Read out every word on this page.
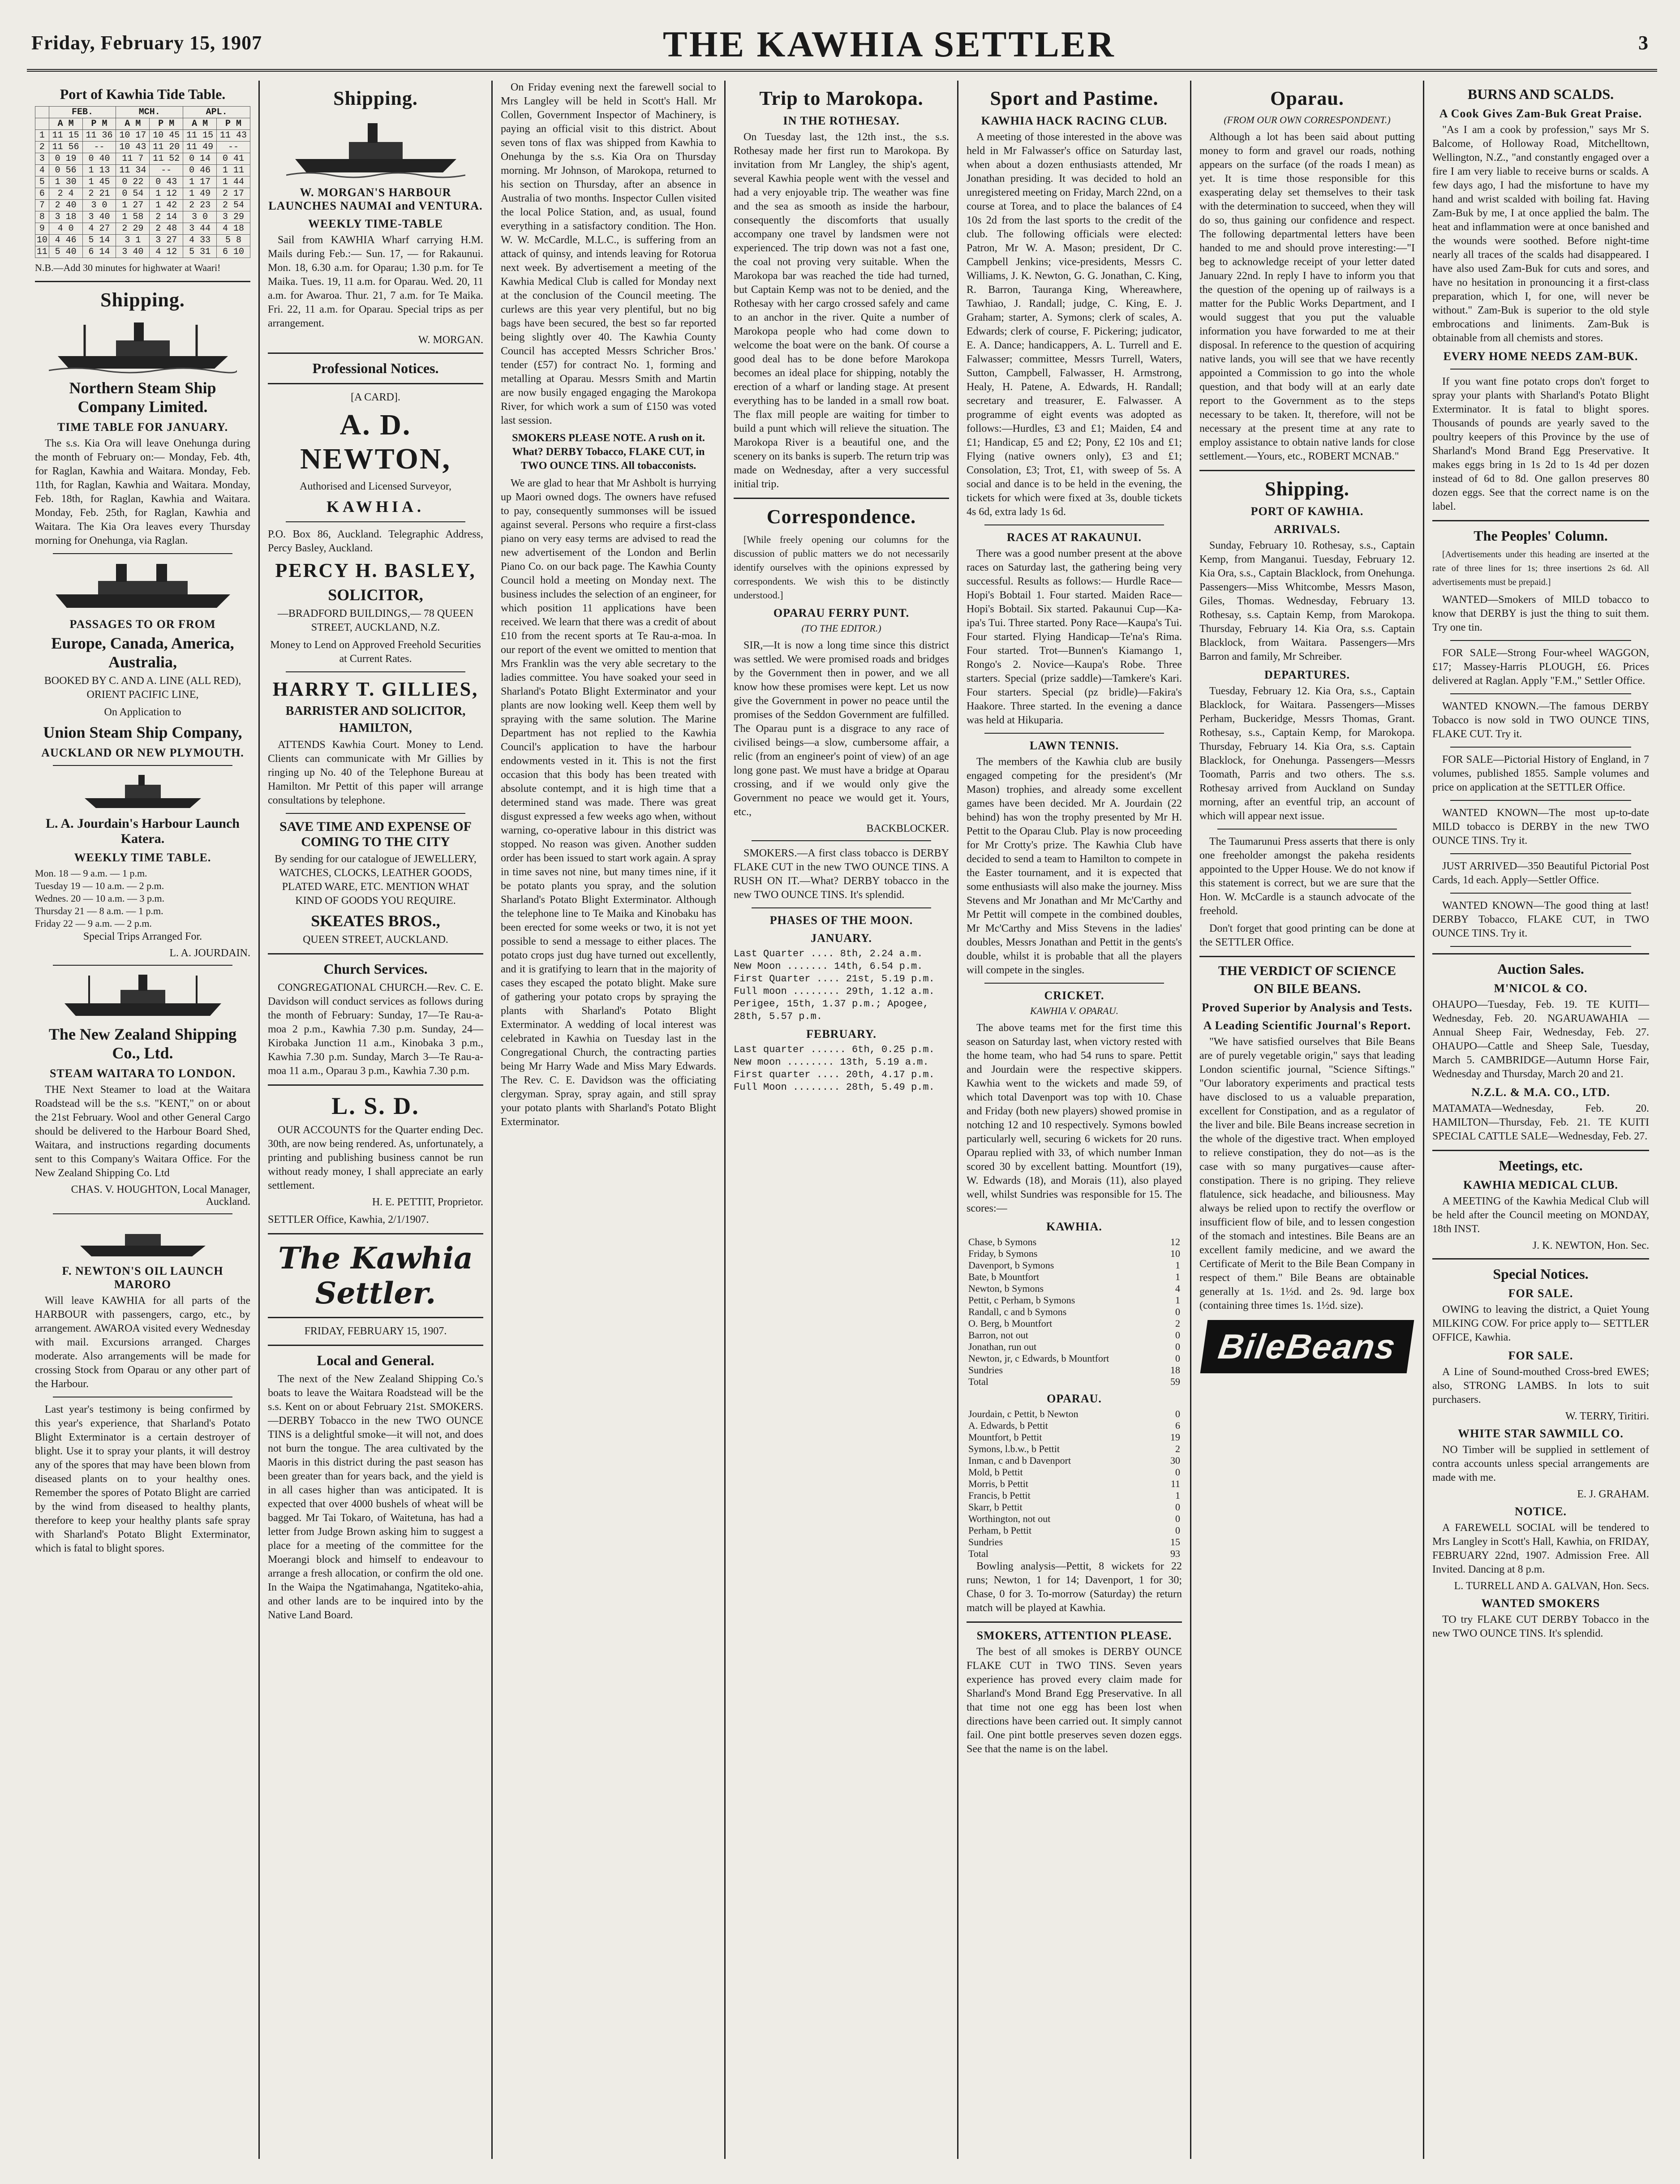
Friday, February 15, 1907	THE KAWHIA SETTLER	3
Port of Kawhia Tide Table.
	FEB.		MCH.		APL.	
	A M	P M	A M	P M	A M	P M
1	11 15	11 36	10 17	10 45	11 15	11 43
2	11 56	--	10 43	11 20	11 49	--
3	0 19	0 40	11 7	11 52	0 14	0 41
4	0 56	1 13	11 34	--	0 46	1 11
5	1 30	1 45	0 22	0 43	1 17	1 44
6	2 4	2 21	0 54	1 12	1 49	2 17
7	2 40	3 0	1 27	1 42	2 23	2 54
8	3 18	3 40	1 58	2 14	3 0	3 29
9	4 0	4 27	2 29	2 48	3 44	4 18
10	4 46	5 14	3 1	3 27	4 33	5 8
11	5 40	6 14	3 40	4 12	5 31	6 10

N.B.—Add 30 minutes for highwater at Waari!

Shipping.
Northern Steam Ship Company Limited.
TIME TABLE FOR JANUARY.

The s.s. Kia Ora will leave Onehunga during the month of February on:— Monday, Feb. 4th, for Raglan, Kawhia and Waitara. Monday, Feb. 11th, for Raglan, Kawhia and Waitara. Monday, Feb. 18th, for Raglan, Kawhia and Waitara. Monday, Feb. 25th, for Raglan, Kawhia and Waitara. The Kia Ora leaves every Thursday morning for Onehunga, via Raglan.

PASSAGES TO OR FROM
Europe, Canada, America, Australia,

BOOKED BY C. AND A. LINE (ALL RED), ORIENT PACIFIC LINE,

On Application to

Union Steam Ship Company,
AUCKLAND OR NEW PLYMOUTH.
L. A. Jourdain's Harbour Launch Katera.
WEEKLY TIME TABLE.
Mon. 18 — 9 a.m. — 1 p.m.
Tuesday 19 — 10 a.m. — 2 p.m.
Wednes. 20 — 10 a.m. — 3 p.m.
Thursday 21 — 8 a.m. — 1 p.m.
Friday 22 — 9 a.m. — 2 p.m.

Special Trips Arranged For.

L. A. JOURDAIN.
The New Zealand Shipping Co., Ltd.
STEAM WAITARA TO LONDON.

THE Next Steamer to load at the Waitara Roadstead will be the s.s. "KENT," on or about the 21st February. Wool and other General Cargo should be delivered to the Harbour Board Shed, Waitara, and instructions regarding documents sent to this Company's Waitara Office. For the New Zealand Shipping Co. Ltd

CHAS. V. HOUGHTON, Local Manager, Auckland.
F. NEWTON'S OIL LAUNCH MARORO

Will leave KAWHIA for all parts of the HARBOUR with passengers, cargo, etc., by arrangement. AWAROA visited every Wednesday with mail. Excursions arranged. Charges moderate. Also arrangements will be made for crossing Stock from Oparau or any other part of the Harbour.

Last year's testimony is being confirmed by this year's experience, that Sharland's Potato Blight Exterminator is a certain destroyer of blight. Use it to spray your plants, it will destroy any of the spores that may have been blown from diseased plants on to your healthy ones. Remember the spores of Potato Blight are carried by the wind from diseased to healthy plants, therefore to keep your healthy plants safe spray with Sharland's Potato Blight Exterminator, which is fatal to blight spores.

Shipping.
W. MORGAN'S HARBOUR LAUNCHES NAUMAI and VENTURA.
WEEKLY TIME-TABLE

Sail from KAWHIA Wharf carrying H.M. Mails during Feb.:— Sun. 17, — for Rakaunui. Mon. 18, 6.30 a.m. for Oparau; 1.30 p.m. for Te Maika. Tues. 19, 11 a.m. for Oparau. Wed. 20, 11 a.m. for Awaroa. Thur. 21, 7 a.m. for Te Maika. Fri. 22, 11 a.m. for Oparau. Special trips as per arrangement.

W. MORGAN.
Professional Notices.

[A CARD].

A. D. NEWTON,

Authorised and Licensed Surveyor,

KAWHIA.

P.O. Box 86, Auckland. Telegraphic Address, Percy Basley, Auckland.

PERCY H. BASLEY,
SOLICITOR,

—BRADFORD BUILDINGS,— 78 QUEEN STREET, AUCKLAND, N.Z.

Money to Lend on Approved Freehold Securities at Current Rates.

HARRY T. GILLIES,
BARRISTER AND SOLICITOR,
HAMILTON,

ATTENDS Kawhia Court. Money to Lend. Clients can communicate with Mr Gillies by ringing up No. 40 of the Telephone Bureau at Hamilton. Mr Pettit of this paper will arrange consultations by telephone.

SAVE TIME AND EXPENSE OF COMING TO THE CITY

By sending for our catalogue of JEWELLERY, WATCHES, CLOCKS, LEATHER GOODS, PLATED WARE, ETC. MENTION WHAT KIND OF GOODS YOU REQUIRE.

SKEATES BROS.,

QUEEN STREET, AUCKLAND.

Church Services.

CONGREGATIONAL CHURCH.—Rev. C. E. Davidson will conduct services as follows during the month of February: Sunday, 17—Te Rau-a-moa 2 p.m., Kawhia 7.30 p.m. Sunday, 24—Kirobaka Junction 11 a.m., Kinobaka 3 p.m., Kawhia 7.30 p.m. Sunday, March 3—Te Rau-a-moa 11 a.m., Oparau 3 p.m., Kawhia 7.30 p.m.

L. S. D.

OUR ACCOUNTS for the Quarter ending Dec. 30th, are now being rendered. As, unfortunately, a printing and publishing business cannot be run without ready money, I shall appreciate an early settlement.

H. E. PETTIT, Proprietor.

SETTLER Office, Kawhia, 2/1/1907.

The Kawhia Settler.

FRIDAY, FEBRUARY 15, 1907.

Local and General.

The next of the New Zealand Shipping Co.'s boats to leave the Waitara Roadstead will be the s.s. Kent on or about February 21st. SMOKERS.—DERBY Tobacco in the new TWO OUNCE TINS is a delightful smoke—it will not, and does not burn the tongue. The area cultivated by the Maoris in this district during the past season has been greater than for years back, and the yield is in all cases higher than was anticipated. It is expected that over 4000 bushels of wheat will be bagged. Mr Tai Tokaro, of Waitetuna, has had a letter from Judge Brown asking him to suggest a place for a meeting of the committee for the Moerangi block and himself to endeavour to arrange a fresh allocation, or confirm the old one. In the Waipa the Ngatimahanga, Ngatiteko-ahia, and other lands are to be inquired into by the Native Land Board.

On Friday evening next the farewell social to Mrs Langley will be held in Scott's Hall. Mr Collen, Government Inspector of Machinery, is paying an official visit to this district. About seven tons of flax was shipped from Kawhia to Onehunga by the s.s. Kia Ora on Thursday morning. Mr Johnson, of Marokopa, returned to his section on Thursday, after an absence in Australia of two months. Inspector Cullen visited the local Police Station, and, as usual, found everything in a satisfactory condition. The Hon. W. W. McCardle, M.L.C., is suffering from an attack of quinsy, and intends leaving for Rotorua next week. By advertisement a meeting of the Kawhia Medical Club is called for Monday next at the conclusion of the Council meeting. The curlews are this year very plentiful, but no big bags have been secured, the best so far reported being slightly over 40. The Kawhia County Council has accepted Messrs Schricher Bros.' tender (£57) for contract No. 1, forming and metalling at Oparau. Messrs Smith and Martin are now busily engaged engaging the Marokopa River, for which work a sum of £150 was voted last session.

SMOKERS PLEASE NOTE. A rush on it. What? DERBY Tobacco, FLAKE CUT, in TWO OUNCE TINS. All tobacconists.

We are glad to hear that Mr Ashbolt is hurrying up Maori owned dogs. The owners have refused to pay, consequently summonses will be issued against several. Persons who require a first-class piano on very easy terms are advised to read the new advertisement of the London and Berlin Piano Co. on our back page. The Kawhia County Council hold a meeting on Monday next. The business includes the selection of an engineer, for which position 11 applications have been received. We learn that there was a credit of about £10 from the recent sports at Te Rau-a-moa. In our report of the event we omitted to mention that Mrs Franklin was the very able secretary to the ladies committee. You have soaked your seed in Sharland's Potato Blight Exterminator and your plants are now looking well. Keep them well by spraying with the same solution. The Marine Department has not replied to the Kawhia Council's application to have the harbour endowments vested in it. This is not the first occasion that this body has been treated with absolute contempt, and it is high time that a determined stand was made. There was great disgust expressed a few weeks ago when, without warning, co-operative labour in this district was stopped. No reason was given. Another sudden order has been issued to start work again. A spray in time saves not nine, but many times nine, if it be potato plants you spray, and the solution Sharland's Potato Blight Exterminator. Although the telephone line to Te Maika and Kinobaku has been erected for some weeks or two, it is not yet possible to send a message to either places. The potato crops just dug have turned out excellently, and it is gratifying to learn that in the majority of cases they escaped the potato blight. Make sure of gathering your potato crops by spraying the plants with Sharland's Potato Blight Exterminator. A wedding of local interest was celebrated in Kawhia on Tuesday last in the Congregational Church, the contracting parties being Mr Harry Wade and Miss Mary Edwards. The Rev. C. E. Davidson was the officiating clergyman. Spray, spray again, and still spray your potato plants with Sharland's Potato Blight Exterminator.

Trip to Marokopa.
IN THE ROTHESAY.

On Tuesday last, the 12th inst., the s.s. Rothesay made her first run to Marokopa. By invitation from Mr Langley, the ship's agent, several Kawhia people went with the vessel and had a very enjoyable trip. The weather was fine and the sea as smooth as inside the harbour, consequently the discomforts that usually accompany one travel by landsmen were not experienced. The trip down was not a fast one, the coal not proving very suitable. When the Marokopa bar was reached the tide had turned, but Captain Kemp was not to be denied, and the Rothesay with her cargo crossed safely and came to an anchor in the river. Quite a number of Marokopa people who had come down to welcome the boat were on the bank. Of course a good deal has to be done before Marokopa becomes an ideal place for shipping, notably the erection of a wharf or landing stage. At present everything has to be landed in a small row boat. The flax mill people are waiting for timber to build a punt which will relieve the situation. The Marokopa River is a beautiful one, and the scenery on its banks is superb. The return trip was made on Wednesday, after a very successful initial trip.

Correspondence.

[While freely opening our columns for the discussion of public matters we do not necessarily identify ourselves with the opinions expressed by correspondents. We wish this to be distinctly understood.]

OPARAU FERRY PUNT.
(TO THE EDITOR.)

SIR,—It is now a long time since this district was settled. We were promised roads and bridges by the Government then in power, and we all know how these promises were kept. Let us now give the Government in power no peace until the promises of the Seddon Government are fulfilled. The Oparau punt is a disgrace to any race of civilised beings—a slow, cumbersome affair, a relic (from an engineer's point of view) of an age long gone past. We must have a bridge at Oparau crossing, and if we would only give the Government no peace we would get it. Yours, etc.,

BACKBLOCKER.

SMOKERS.—A first class tobacco is DERBY FLAKE CUT in the new TWO OUNCE TINS. A RUSH ON IT.—What? DERBY tobacco in the new TWO OUNCE TINS. It's splendid.

PHASES OF THE MOON.
JANUARY.
Last Quarter .... 8th, 2.24 a.m.
New Moon ....... 14th, 6.54 p.m.
First Quarter .... 21st, 5.19 p.m.
Full moon ........ 29th, 1.12 a.m.
Perigee, 15th, 1.37 p.m.; Apogee, 28th, 5.57 p.m.
FEBRUARY.
Last quarter ...... 6th, 0.25 p.m.
New moon ........ 13th, 5.19 a.m.
First quarter .... 20th, 4.17 p.m.
Full Moon ........ 28th, 5.49 p.m.
Sport and Pastime.
KAWHIA HACK RACING CLUB.

A meeting of those interested in the above was held in Mr Falwasser's office on Saturday last, when about a dozen enthusiasts attended, Mr Jonathan presiding. It was decided to hold an unregistered meeting on Friday, March 22nd, on a course at Torea, and to place the balances of £4 10s 2d from the last sports to the credit of the club. The following officials were elected: Patron, Mr W. A. Mason; president, Dr C. Campbell Jenkins; vice-presidents, Messrs C. Williams, J. K. Newton, G. G. Jonathan, C. King, R. Barron, Tauranga King, Whereawhere, Tawhiao, J. Randall; judge, C. King, E. J. Graham; starter, A. Symons; clerk of scales, A. Edwards; clerk of course, F. Pickering; judicator, E. A. Dance; handicappers, A. L. Turrell and E. Falwasser; committee, Messrs Turrell, Waters, Sutton, Campbell, Falwasser, H. Armstrong, Healy, H. Patene, A. Edwards, H. Randall; secretary and treasurer, E. Falwasser. A programme of eight events was adopted as follows:—Hurdles, £3 and £1; Maiden, £4 and £1; Handicap, £5 and £2; Pony, £2 10s and £1; Flying (native owners only), £3 and £1; Consolation, £3; Trot, £1, with sweep of 5s. A social and dance is to be held in the evening, the tickets for which were fixed at 3s, double tickets 4s 6d, extra lady 1s 6d.

RACES AT RAKAUNUI.

There was a good number present at the above races on Saturday last, the gathering being very successful. Results as follows:— Hurdle Race—Hopi's Bobtail 1. Four started. Maiden Race—Hopi's Bobtail. Six started. Pakaunui Cup—Ka-ipa's Tui. Three started. Pony Race—Kaupa's Tui. Four started. Flying Handicap—Te'na's Rima. Four started. Trot—Bunnen's Kiamango 1, Rongo's 2. Novice—Kaupa's Robe. Three starters. Special (prize saddle)—Tamkere's Kari. Four starters. Special (pz bridle)—Fakira's Haakore. Three started. In the evening a dance was held at Hikuparia.

LAWN TENNIS.

The members of the Kawhia club are busily engaged competing for the president's (Mr Mason) trophies, and already some excellent games have been decided. Mr A. Jourdain (22 behind) has won the trophy presented by Mr H. Pettit to the Oparau Club. Play is now proceeding for Mr Crotty's prize. The Kawhia Club have decided to send a team to Hamilton to compete in the Easter tournament, and it is expected that some enthusiasts will also make the journey. Miss Stevens and Mr Jonathan and Mr Mc'Carthy and Mr Pettit will compete in the combined doubles, Mr Mc'Carthy and Miss Stevens in the ladies' doubles, Messrs Jonathan and Pettit in the gents's double, whilst it is probable that all the players will compete in the singles.

CRICKET.
KAWHIA V. OPARAU.

The above teams met for the first time this season on Saturday last, when victory rested with the home team, who had 54 runs to spare. Pettit and Jourdain were the respective skippers. Kawhia went to the wickets and made 59, of which total Davenport was top with 10. Chase and Friday (both new players) showed promise in notching 12 and 10 respectively. Symons bowled particularly well, securing 6 wickets for 20 runs. Oparau replied with 33, of which number Inman scored 30 by excellent batting. Mountfort (19), W. Edwards (18), and Morais (11), also played well, whilst Sundries was responsible for 15. The scores:—

KAWHIA.
Chase, b Symons	12
Friday, b Symons	10
Davenport, b Symons	1
Bate, b Mountfort	1
Newton, b Symons	4
Pettit, c Perham, b Symons	1
Randall, c and b Symons	0
O. Berg, b Mountfort	2
Barron, not out	0
Jonathan, run out	0
Newton, jr, c Edwards, b Mountfort	0
Sundries	18
Total	59
OPARAU.
Jourdain, c Pettit, b Newton	0
A. Edwards, b Pettit	6
Mountfort, b Pettit	19
Symons, l.b.w., b Pettit	2
Inman, c and b Davenport	30
Mold, b Pettit	0
Morris, b Pettit	11
Francis, b Pettit	1
Skarr, b Pettit	0
Worthington, not out	0
Perham, b Pettit	0
Sundries	15
Total	93

Bowling analysis—Pettit, 8 wickets for 22 runs; Newton, 1 for 14; Davenport, 1 for 30; Chase, 0 for 3. To-morrow (Saturday) the return match will be played at Kawhia.

SMOKERS, ATTENTION PLEASE.

The best of all smokes is DERBY OUNCE FLAKE CUT in TWO TINS. Seven years experience has proved every claim made for Sharland's Mond Brand Egg Preservative. In all that time not one egg has been lost when directions have been carried out. It simply cannot fail. One pint bottle preserves seven dozen eggs. See that the name is on the label.

Oparau.
(FROM OUR OWN CORRESPONDENT.)

Although a lot has been said about putting money to form and gravel our roads, nothing appears on the surface (of the roads I mean) as yet. It is time those responsible for this exasperating delay set themselves to their task with the determination to succeed, when they will do so, thus gaining our confidence and respect. The following departmental letters have been handed to me and should prove interesting:—"I beg to acknowledge receipt of your letter dated January 22nd. In reply I have to inform you that the question of the opening up of railways is a matter for the Public Works Department, and I would suggest that you put the valuable information you have forwarded to me at their disposal. In reference to the question of acquiring native lands, you will see that we have recently appointed a Commission to go into the whole question, and that body will at an early date report to the Government as to the steps necessary to be taken. It, therefore, will not be necessary at the present time at any rate to employ assistance to obtain native lands for close settlement.—Yours, etc., ROBERT MCNAB."

Shipping.
PORT OF KAWHIA.
ARRIVALS.

Sunday, February 10. Rothesay, s.s., Captain Kemp, from Manganui. Tuesday, February 12. Kia Ora, s.s., Captain Blacklock, from Onehunga. Passengers—Miss Whitcombe, Messrs Mason, Giles, Thomas. Wednesday, February 13. Rothesay, s.s. Captain Kemp, from Marokopa. Thursday, February 14. Kia Ora, s.s. Captain Blacklock, from Waitara. Passengers—Mrs Barron and family, Mr Schreiber.

DEPARTURES.

Tuesday, February 12. Kia Ora, s.s., Captain Blacklock, for Waitara. Passengers—Misses Perham, Buckeridge, Messrs Thomas, Grant. Rothesay, s.s., Captain Kemp, for Marokopa. Thursday, February 14. Kia Ora, s.s. Captain Blacklock, for Onehunga. Passengers—Messrs Toomath, Parris and two others. The s.s. Rothesay arrived from Auckland on Sunday morning, after an eventful trip, an account of which will appear next issue.

The Taumarunui Press asserts that there is only one freeholder amongst the pakeha residents appointed to the Upper House. We do not know if this statement is correct, but we are sure that the Hon. W. McCardle is a staunch advocate of the freehold.

Don't forget that good printing can be done at the SETTLER Office.

THE VERDICT OF SCIENCE
ON BILE BEANS.
Proved Superior by Analysis and Tests.
A Leading Scientific Journal's Report.

"We have satisfied ourselves that Bile Beans are of purely vegetable origin," says that leading London scientific journal, "Science Siftings." "Our laboratory experiments and practical tests have disclosed to us a valuable preparation, excellent for Constipation, and as a regulator of the liver and bile. Bile Beans increase secretion in the whole of the digestive tract. When employed to relieve constipation, they do not—as is the case with so many purgatives—cause after-constipation. There is no griping. They relieve flatulence, sick headache, and biliousness. May always be relied upon to rectify the overflow or insufficient flow of bile, and to lessen congestion of the stomach and intestines. Bile Beans are an excellent family medicine, and we award the Certificate of Merit to the Bile Bean Company in respect of them." Bile Beans are obtainable generally at 1s. 1½d. and 2s. 9d. large box (containing three times 1s. 1½d. size).

BileBeans
BURNS AND SCALDS.
A Cook Gives Zam-Buk Great Praise.

"As I am a cook by profession," says Mr S. Balcome, of Holloway Road, Mitchelltown, Wellington, N.Z., "and constantly engaged over a fire I am very liable to receive burns or scalds. A few days ago, I had the misfortune to have my hand and wrist scalded with boiling fat. Having Zam-Buk by me, I at once applied the balm. The heat and inflammation were at once banished and the wounds were soothed. Before night-time nearly all traces of the scalds had disappeared. I have also used Zam-Buk for cuts and sores, and have no hesitation in pronouncing it a first-class preparation, which I, for one, will never be without." Zam-Buk is superior to the old style embrocations and liniments. Zam-Buk is obtainable from all chemists and stores.

EVERY HOME NEEDS ZAM-BUK.

If you want fine potato crops don't forget to spray your plants with Sharland's Potato Blight Exterminator. It is fatal to blight spores. Thousands of pounds are yearly saved to the poultry keepers of this Province by the use of Sharland's Mond Brand Egg Preservative. It makes eggs bring in 1s 2d to 1s 4d per dozen instead of 6d to 8d. One gallon preserves 80 dozen eggs. See that the correct name is on the label.

The Peoples' Column.

[Advertisements under this heading are inserted at the rate of three lines for 1s; three insertions 2s 6d. All advertisements must be prepaid.]

WANTED—Smokers of MILD tobacco to know that DERBY is just the thing to suit them. Try one tin.

FOR SALE—Strong Four-wheel WAGGON, £17; Massey-Harris PLOUGH, £6. Prices delivered at Raglan. Apply "F.M.," Settler Office.

WANTED KNOWN.—The famous DERBY Tobacco is now sold in TWO OUNCE TINS, FLAKE CUT. Try it.

FOR SALE—Pictorial History of England, in 7 volumes, published 1855. Sample volumes and price on application at the SETTLER Office.

WANTED KNOWN—The most up-to-date MILD tobacco is DERBY in the new TWO OUNCE TINS. Try it.

JUST ARRIVED—350 Beautiful Pictorial Post Cards, 1d each. Apply—Settler Office.

WANTED KNOWN—The good thing at last! DERBY Tobacco, FLAKE CUT, in TWO OUNCE TINS. Try it.

Auction Sales.
M'NICOL & CO.

OHAUPO—Tuesday, Feb. 19. TE KUITI—Wednesday, Feb. 20. NGARUAWAHIA — Annual Sheep Fair, Wednesday, Feb. 27. OHAUPO—Cattle and Sheep Sale, Tuesday, March 5. CAMBRIDGE—Autumn Horse Fair, Wednesday and Thursday, March 20 and 21.

N.Z.L. & M.A. CO., LTD.

MATAMATA—Wednesday, Feb. 20. HAMILTON—Thursday, Feb. 21. TE KUITI SPECIAL CATTLE SALE—Wednesday, Feb. 27.

Meetings, etc.
KAWHIA MEDICAL CLUB.

A MEETING of the Kawhia Medical Club will be held after the Council meeting on MONDAY, 18th INST.

J. K. NEWTON, Hon. Sec.
Special Notices.
FOR SALE.

OWING to leaving the district, a Quiet Young MILKING COW. For price apply to— SETTLER OFFICE, Kawhia.

FOR SALE.

A Line of Sound-mouthed Cross-bred EWES; also, STRONG LAMBS. In lots to suit purchasers.

W. TERRY, Tiritiri.
WHITE STAR SAWMILL CO.

NO Timber will be supplied in settlement of contra accounts unless special arrangements are made with me.

E. J. GRAHAM.
NOTICE.

A FAREWELL SOCIAL will be tendered to Mrs Langley in Scott's Hall, Kawhia, on FRIDAY, FEBRUARY 22nd, 1907. Admission Free. All Invited. Dancing at 8 p.m.

L. TURRELL AND A. GALVAN, Hon. Secs.
WANTED SMOKERS

TO try FLAKE CUT DERBY Tobacco in the new TWO OUNCE TINS. It's splendid.
